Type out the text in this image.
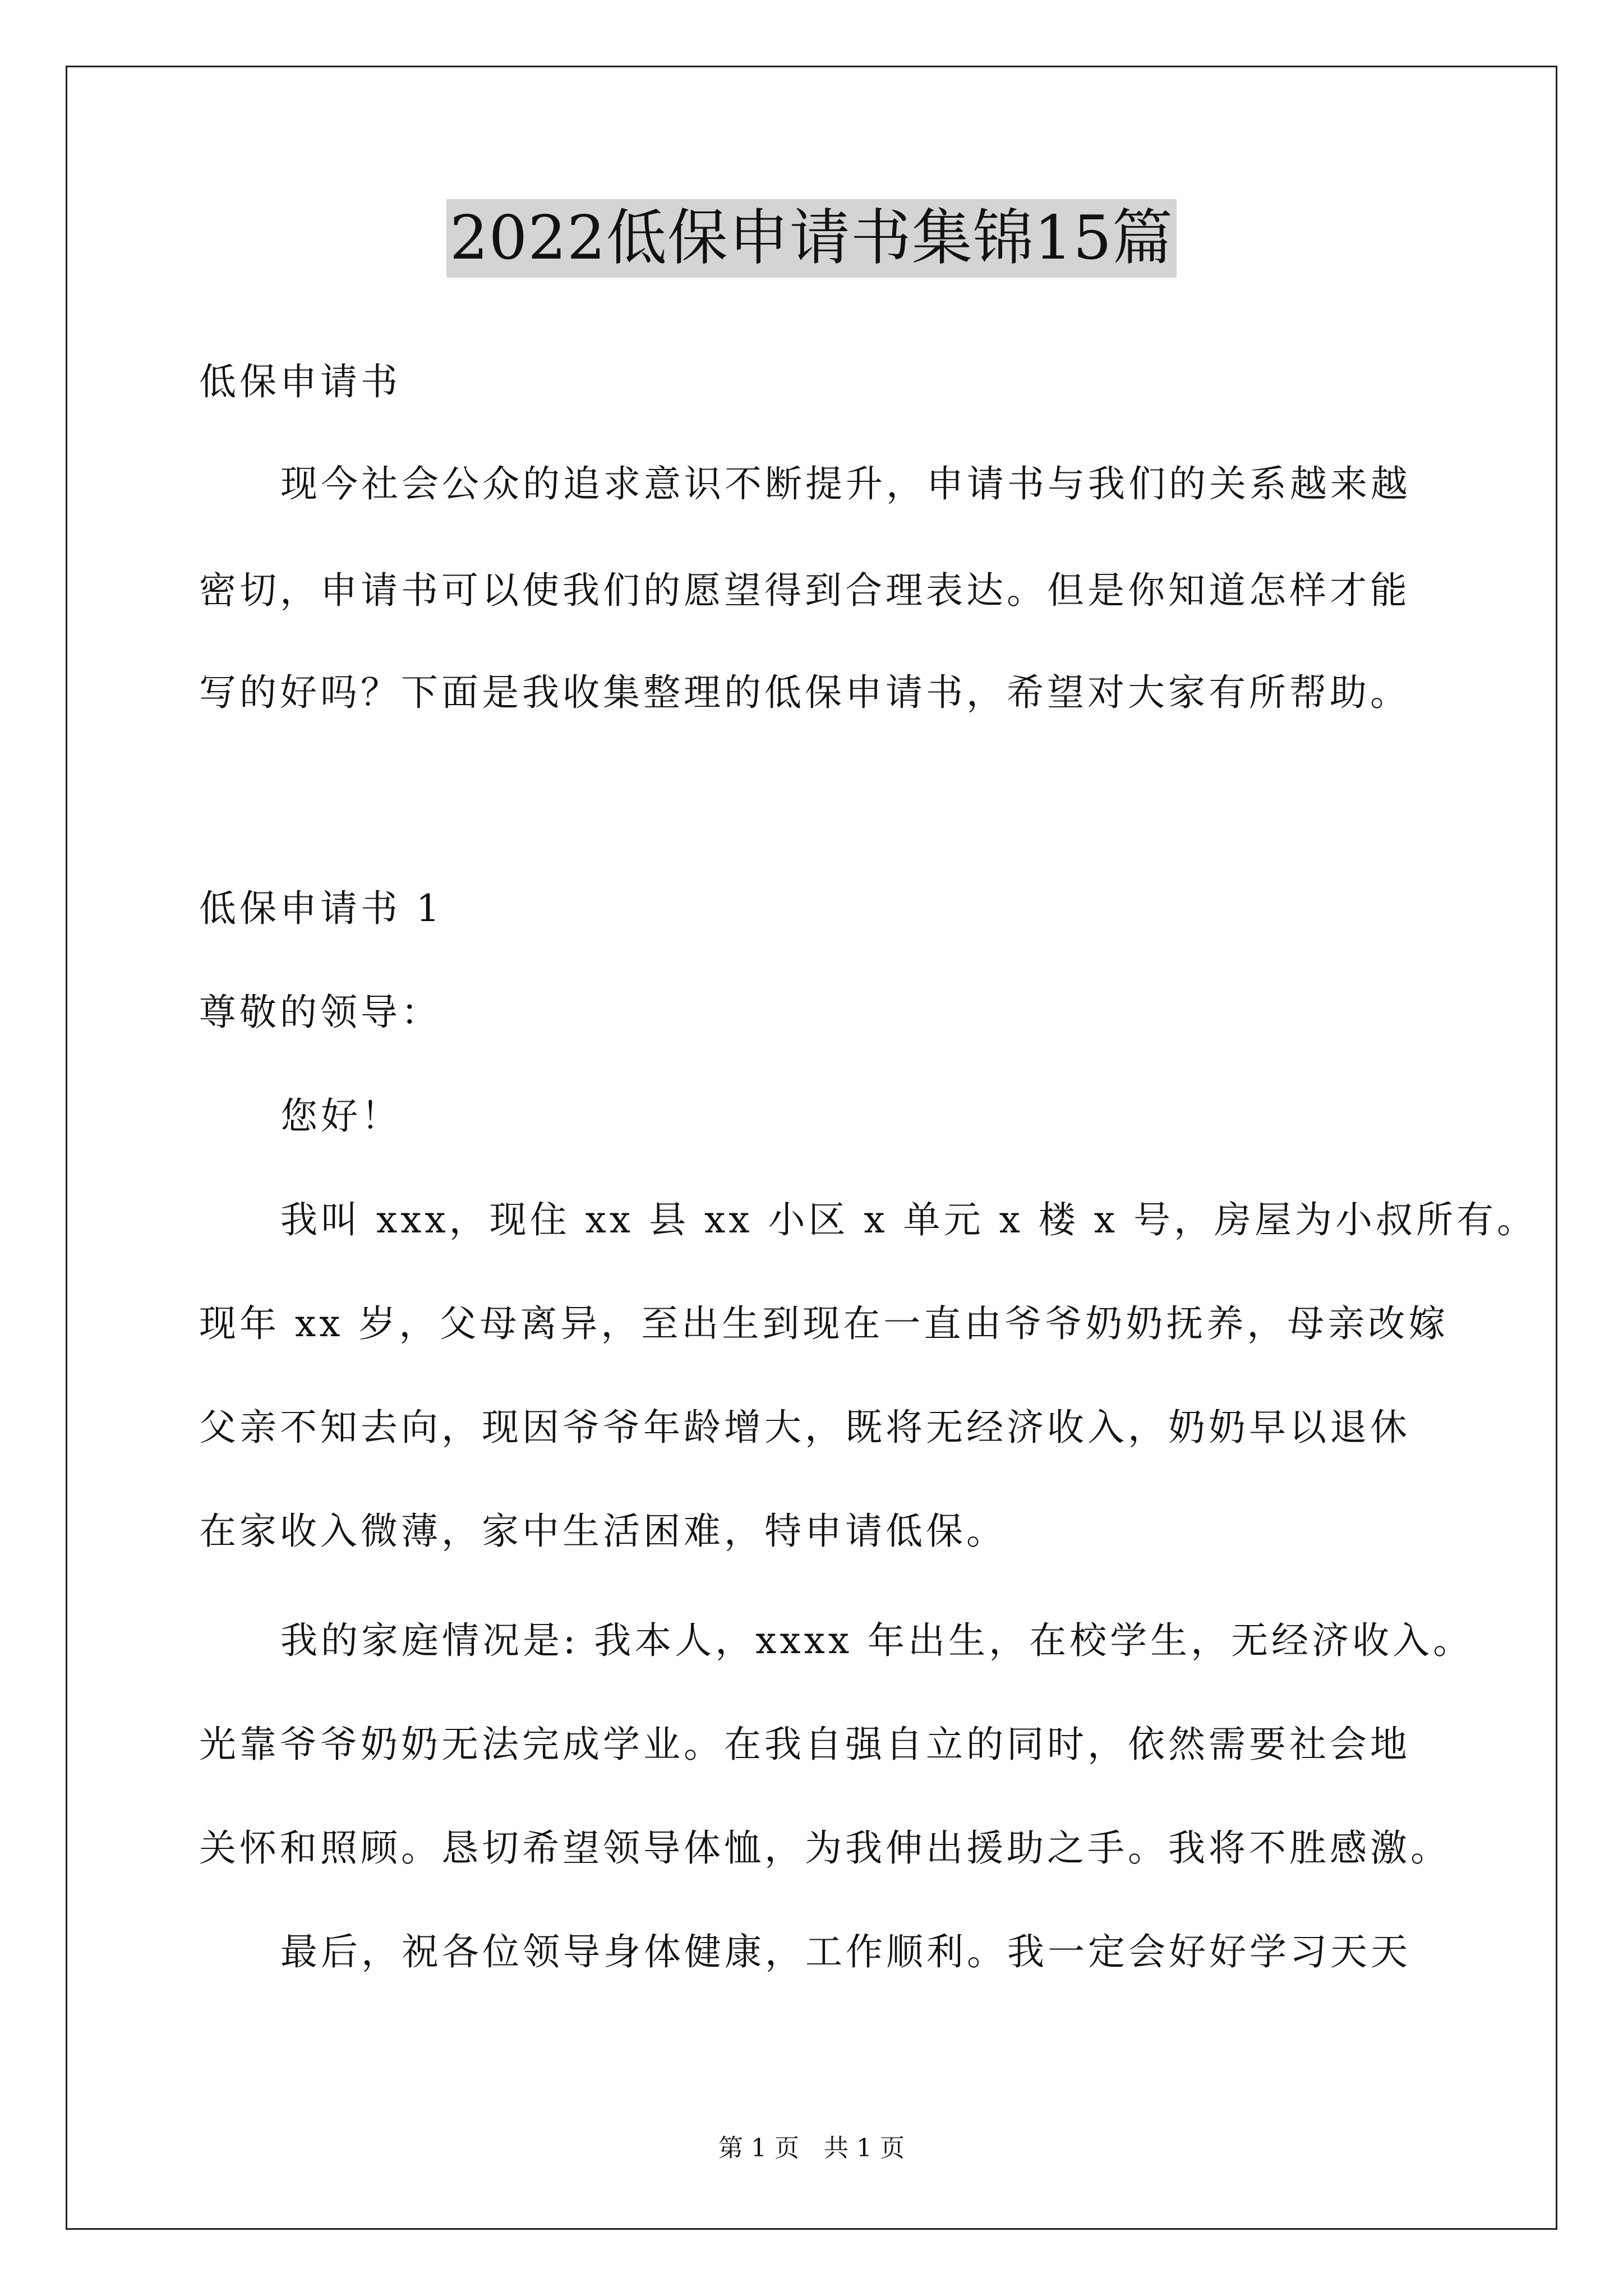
2022低保申请书集锦15篇
低保申请书
现今社会公众的追求意识不断提升，申请书与我们的关系越来越
密切，申请书可以使我们的愿望得到合理表达。但是你知道怎样才能
写的好吗？下面是我收集整理的低保申请书，希望对大家有所帮助。
低保申请书 1
尊敬的领导：
您好！
我叫 xxx，现住 xx 县 xx 小区 x 单元 x 楼 x 号，房屋为小叔所有。
现年 xx 岁，父母离异，至出生到现在一直由爷爷奶奶抚养，母亲改嫁
父亲不知去向，现因爷爷年龄增大，既将无经济收入，奶奶早以退休
在家收入微薄，家中生活困难，特申请低保。
我的家庭情况是: 我本人，xxxx 年出生，在校学生，无经济收入。
光靠爷爷奶奶无法完成学业。在我自强自立的同时，依然需要社会地
关怀和照顾。恳切希望领导体恤，为我伸出援助之手。我将不胜感激。
最后，祝各位领导身体健康，工作顺利。我一定会好好学习天天
第 1 页　共 1 页
